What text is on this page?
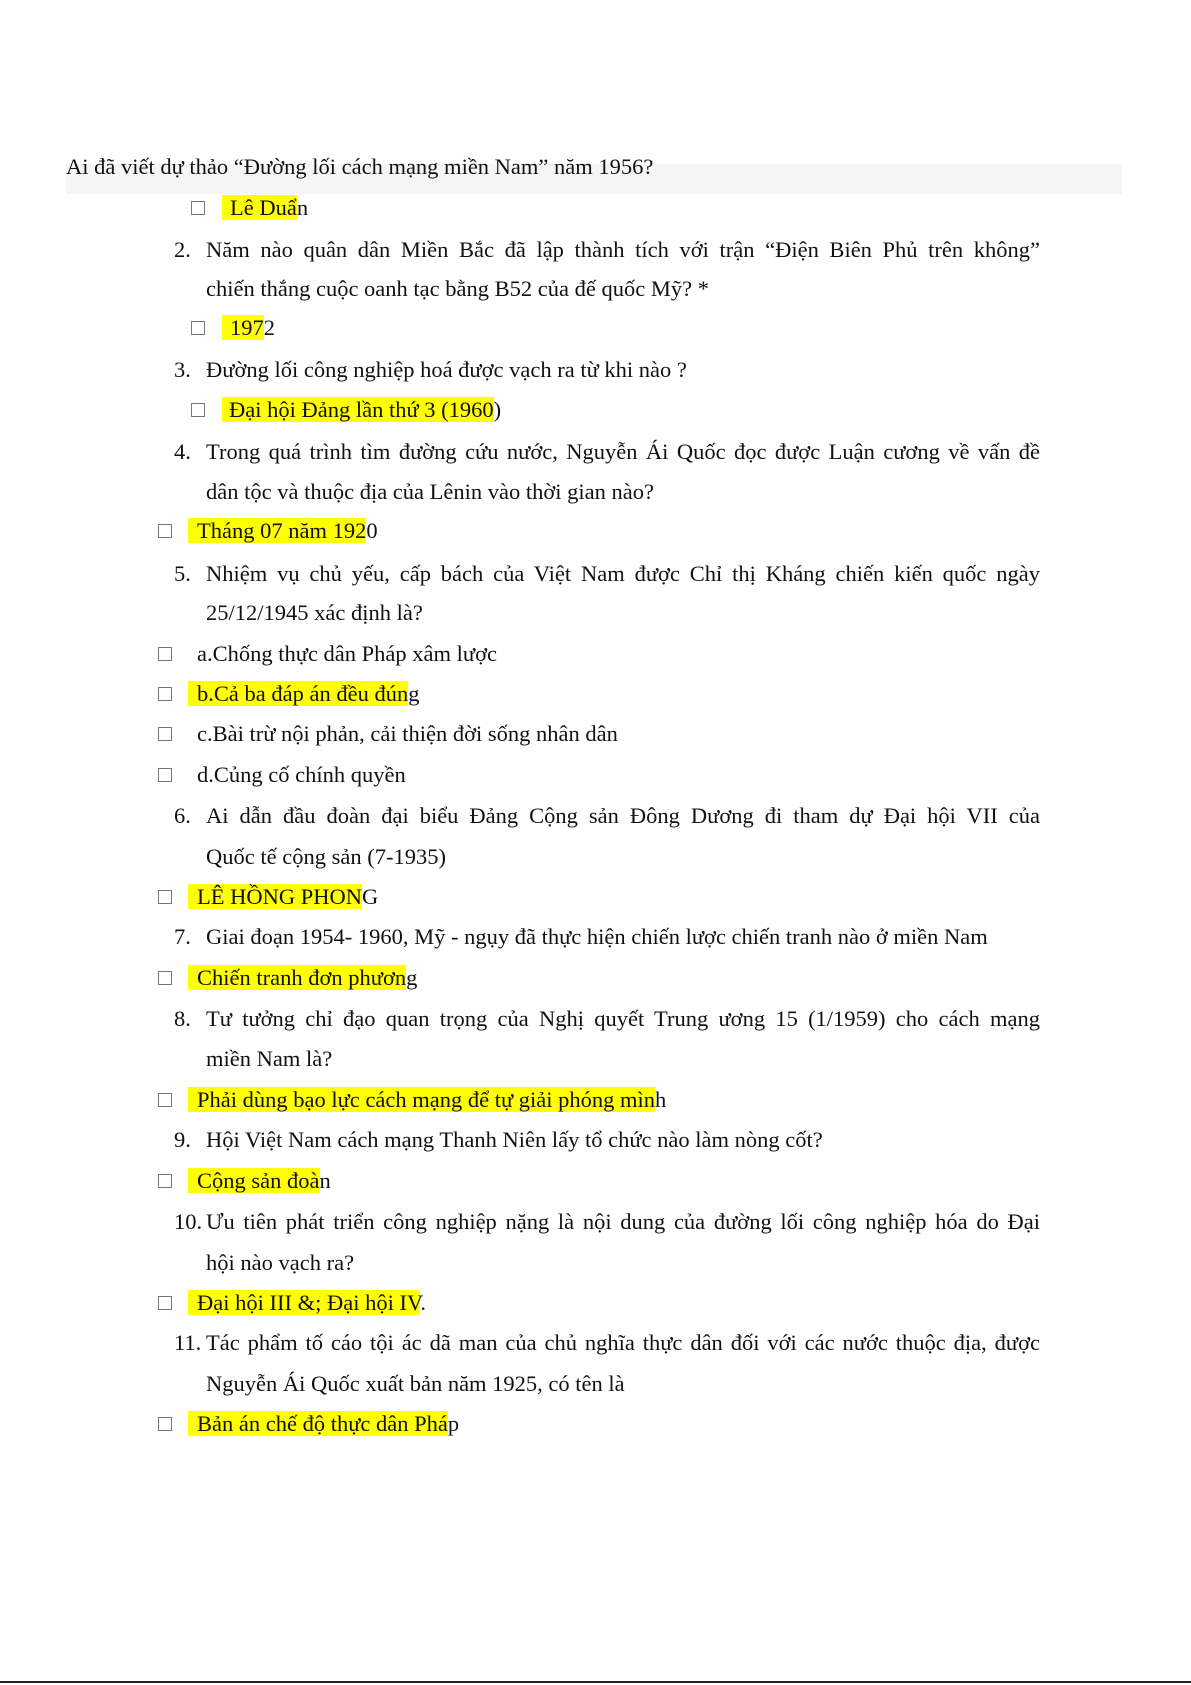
Ai đã viết dự thảo “Đường lối cách mạng miền Nam” năm 1956?
Lê Duẩn
2. Năm nào quân dân Miền Bắc đã lập thành tích với trận “Điện Biên Phủ trên không”
chiến thắng cuộc oanh tạc bằng B52 của đế quốc Mỹ? *
1972
3. Đường lối công nghiệp hoá được vạch ra từ khi nào ?
Đại hội Đảng lần thứ 3 (1960)
4. Trong quá trình tìm đường cứu nước, Nguyễn Ái Quốc đọc được Luận cương về vấn đề
dân tộc và thuộc địa của Lênin vào thời gian nào?
Tháng 07 năm 1920
5. Nhiệm vụ chủ yếu, cấp bách của Việt Nam được Chỉ thị Kháng chiến kiến quốc ngày
25/12/1945 xác định là?
a.Chống thực dân Pháp xâm lược
b.Cả ba đáp án đều đúng
c.Bài trừ nội phản, cải thiện đời sống nhân dân
d.Củng cố chính quyền
6. Ai dẫn đầu đoàn đại biểu Đảng Cộng sản Đông Dương đi tham dự Đại hội VII của
Quốc tế cộng sản (7-1935)
LÊ HỒNG PHONG
7. Giai đoạn 1954- 1960, Mỹ - ngụy đã thực hiện chiến lược chiến tranh nào ở miền Nam
Chiến tranh đơn phương
8. Tư tưởng chỉ đạo quan trọng của Nghị quyết Trung ương 15 (1/1959) cho cách mạng
miền Nam là?
Phải dùng bạo lực cách mạng để tự giải phóng mình
9. Hội Việt Nam cách mạng Thanh Niên lấy tổ chức nào làm nòng cốt?
Cộng sản đoàn
10. Ưu tiên phát triển công nghiệp nặng là nội dung của đường lối công nghiệp hóa do Đại
hội nào vạch ra?
Đại hội III &; Đại hội IV.
11. Tác phẩm tố cáo tội ác dã man của chủ nghĩa thực dân đối với các nước thuộc địa, được
Nguyễn Ái Quốc xuất bản năm 1925, có tên là
Bản án chế độ thực dân Pháp
